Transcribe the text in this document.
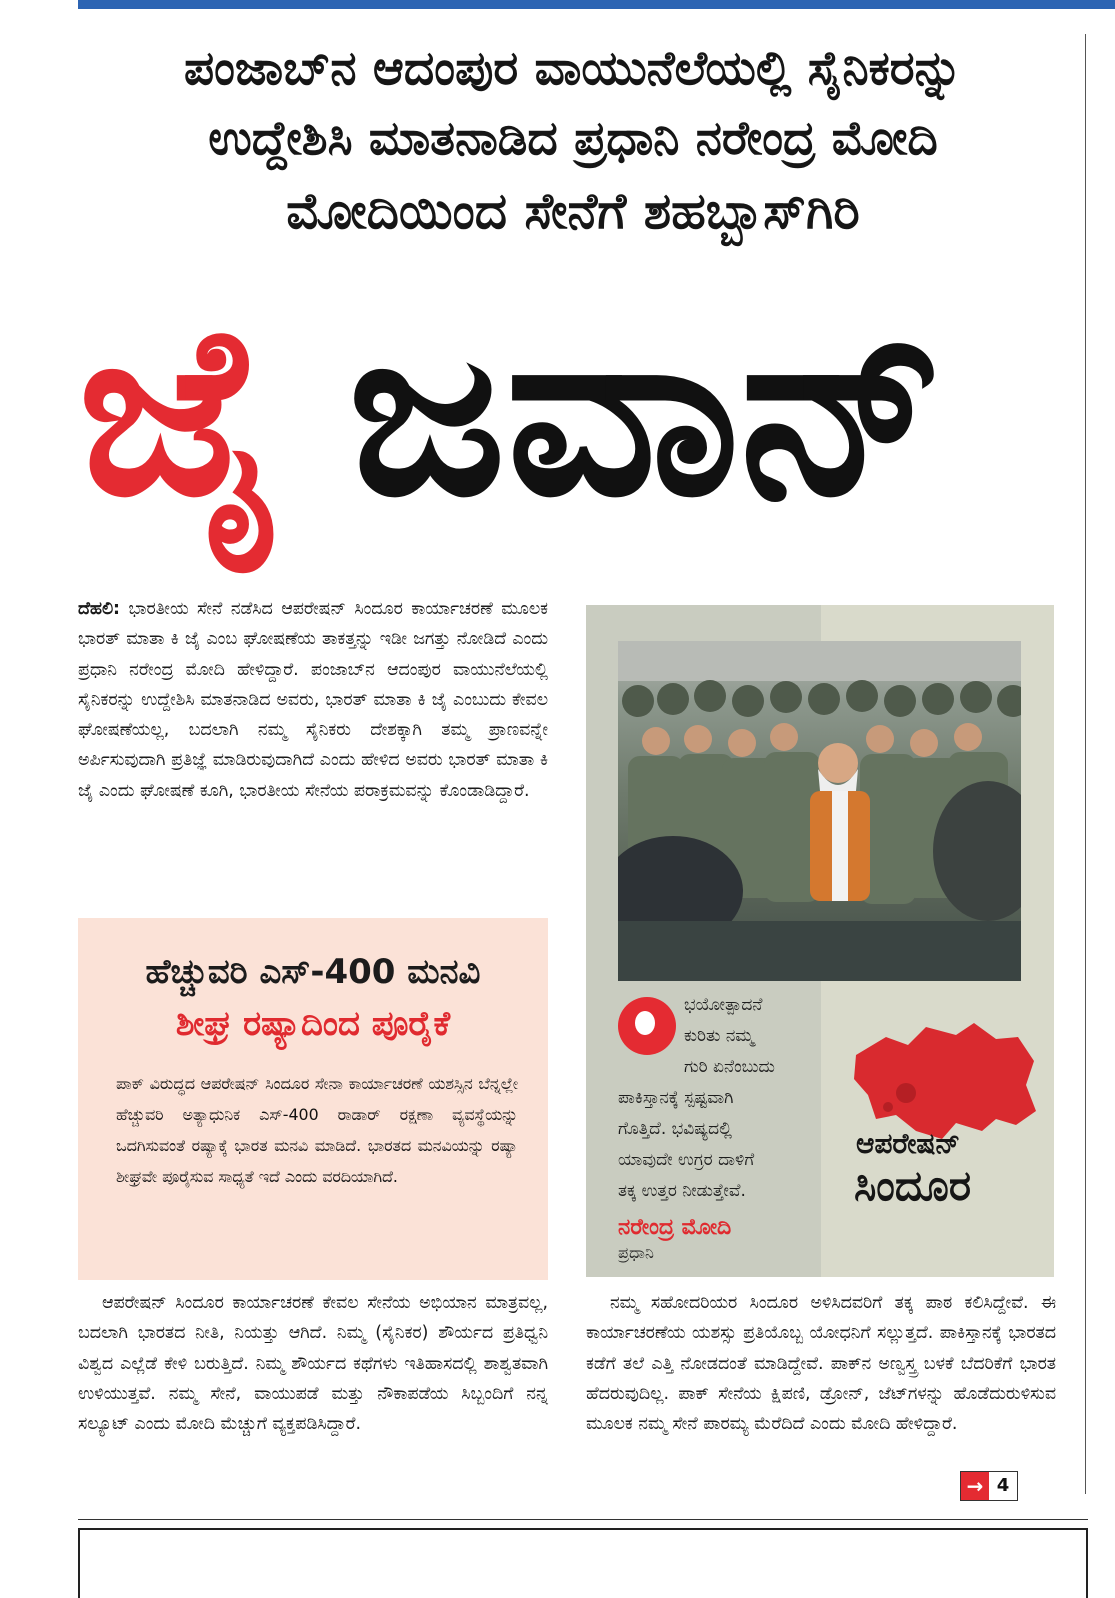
ಪಂಜಾಬ್‌ನ ಆದಂಪುರ ವಾಯುನೆಲೆಯಲ್ಲಿ ಸೈನಿಕರನ್ನು
ಉದ್ದೇಶಿಸಿ ಮಾತನಾಡಿದ ಪ್ರಧಾನಿ ನರೇಂದ್ರ ಮೋದಿ
ಮೋದಿಯಿಂದ ಸೇನೆಗೆ ಶಹಬ್ಬಾಸ್‌ಗಿರಿ
ಜೈ ಜವಾನ್

ದೆಹಲಿ: ಭಾರತೀಯ ಸೇನೆ ನಡೆಸಿದ ಆಪರೇಷನ್ ಸಿಂದೂರ ಕಾರ್ಯಾಚರಣೆ ಮೂಲಕ ಭಾರತ್ ಮಾತಾ ಕಿ ಜೈ ಎಂಬ ಘೋಷಣೆಯ ತಾಕತ್ತನ್ನು ಇಡೀ ಜಗತ್ತು ನೋಡಿದೆ ಎಂದು ಪ್ರಧಾನಿ ನರೇಂದ್ರ ಮೋದಿ ಹೇಳಿದ್ದಾರೆ. ಪಂಜಾಬ್‌ನ ಆದಂಪುರ ವಾಯುನೆಲೆಯಲ್ಲಿ ಸೈನಿಕರನ್ನು ಉದ್ದೇಶಿಸಿ ಮಾತನಾಡಿದ ಅವರು, ಭಾರತ್ ಮಾತಾ ಕಿ ಜೈ ಎಂಬುದು ಕೇವಲ ಘೋಷಣೆಯಲ್ಲ, ಬದಲಾಗಿ ನಮ್ಮ ಸೈನಿಕರು ದೇಶಕ್ಕಾಗಿ ತಮ್ಮ ಪ್ರಾಣವನ್ನೇ ಅರ್ಪಿಸುವುದಾಗಿ ಪ್ರತಿಜ್ಞೆ ಮಾಡಿರುವುದಾಗಿದೆ ಎಂದು ಹೇಳಿದ ಅವರು ಭಾರತ್ ಮಾತಾ ಕಿ ಜೈ ಎಂದು ಘೋಷಣೆ ಕೂಗಿ, ಭಾರತೀಯ ಸೇನೆಯ ಪರಾಕ್ರಮವನ್ನು ಕೊಂಡಾಡಿದ್ದಾರೆ.

ಹೆಚ್ಚುವರಿ ಎಸ್-400 ಮನವಿ
ಶೀಘ್ರ ರಷ್ಯಾದಿಂದ ಪೂರೈಕೆ

ಪಾಕ್ ವಿರುದ್ಧದ ಆಪರೇಷನ್ ಸಿಂದೂರ ಸೇನಾ ಕಾರ್ಯಾಚರಣೆ ಯಶಸ್ಸಿನ ಬೆನ್ನಲ್ಲೇ ಹೆಚ್ಚುವರಿ ಅತ್ಯಾಧುನಿಕ ಎಸ್-400 ರಾಡಾರ್ ರಕ್ಷಣಾ ವ್ಯವಸ್ಥೆಯನ್ನು ಒದಗಿಸುವಂತೆ ರಷ್ಯಾಕ್ಕೆ ಭಾರತ ಮನವಿ ಮಾಡಿದೆ. ಭಾರತದ ಮನವಿಯನ್ನು ರಷ್ಯಾ ಶೀಘ್ರವೇ ಪೂರೈಸುವ ಸಾಧ್ಯತೆ ಇದೆ ಎಂದು ವರದಿಯಾಗಿದೆ.

ಆಪರೇಷನ್ ಸಿಂದೂರ ಕಾರ್ಯಾಚರಣೆ ಕೇವಲ ಸೇನೆಯ ಅಭಿಯಾನ ಮಾತ್ರವಲ್ಲ, ಬದಲಾಗಿ ಭಾರತದ ನೀತಿ, ನಿಯತ್ತು ಆಗಿದೆ. ನಿಮ್ಮ (ಸೈನಿಕರ) ಶೌರ್ಯದ ಪ್ರತಿಧ್ವನಿ ವಿಶ್ವದ ಎಲ್ಲೆಡೆ ಕೇಳಿ ಬರುತ್ತಿದೆ. ನಿಮ್ಮ ಶೌರ್ಯದ ಕಥೆಗಳು ಇತಿಹಾಸದಲ್ಲಿ ಶಾಶ್ವತವಾಗಿ ಉಳಿಯುತ್ತವೆ. ನಮ್ಮ ಸೇನೆ, ವಾಯುಪಡೆ ಮತ್ತು ನೌಕಾಪಡೆಯ ಸಿಬ್ಬಂದಿಗೆ ನನ್ನ ಸಲ್ಯೂಟ್ ಎಂದು ಮೋದಿ ಮೆಚ್ಚುಗೆ ವ್ಯಕ್ತಪಡಿಸಿದ್ದಾರೆ.

ಭಯೋತ್ಪಾದನೆ
ಕುರಿತು ನಮ್ಮ
ಗುರಿ ಏನೆಂಬುದು
ಪಾಕಿಸ್ತಾನಕ್ಕೆ ಸ್ಪಷ್ಟವಾಗಿ
ಗೊತ್ತಿದೆ. ಭವಿಷ್ಯದಲ್ಲಿ
ಯಾವುದೇ ಉಗ್ರರ ದಾಳಿಗೆ
ತಕ್ಕ ಉತ್ತರ ನೀಡುತ್ತೇವೆ.
ನರೇಂದ್ರ ಮೋದಿ
ಪ್ರಧಾನಿ
ಆಪರೇಷನ್
ಸಿಂದೂರ

ನಮ್ಮ ಸಹೋದರಿಯರ ಸಿಂದೂರ ಅಳಿಸಿದವರಿಗೆ ತಕ್ಕ ಪಾಠ ಕಲಿಸಿದ್ದೇವೆ. ಈ ಕಾರ್ಯಾಚರಣೆಯ ಯಶಸ್ಸು ಪ್ರತಿಯೊಬ್ಬ ಯೋಧನಿಗೆ ಸಲ್ಲುತ್ತದೆ. ಪಾಕಿಸ್ತಾನಕ್ಕೆ ಭಾರತದ ಕಡೆಗೆ ತಲೆ ಎತ್ತಿ ನೋಡದಂತೆ ಮಾಡಿದ್ದೇವೆ. ಪಾಕ್‌ನ ಅಣ್ವಸ್ತ್ರ ಬಳಕೆ ಬೆದರಿಕೆಗೆ ಭಾರತ ಹೆದರುವುದಿಲ್ಲ. ಪಾಕ್ ಸೇನೆಯ ಕ್ಷಿಪಣಿ, ಡ್ರೋನ್, ಜೆಟ್‌ಗಳನ್ನು ಹೊಡೆದುರುಳಿಸುವ ಮೂಲಕ ನಮ್ಮ ಸೇನೆ ಪಾರಮ್ಯ ಮೆರೆದಿದೆ ಎಂದು ಮೋದಿ ಹೇಳಿದ್ದಾರೆ.

→ 4
